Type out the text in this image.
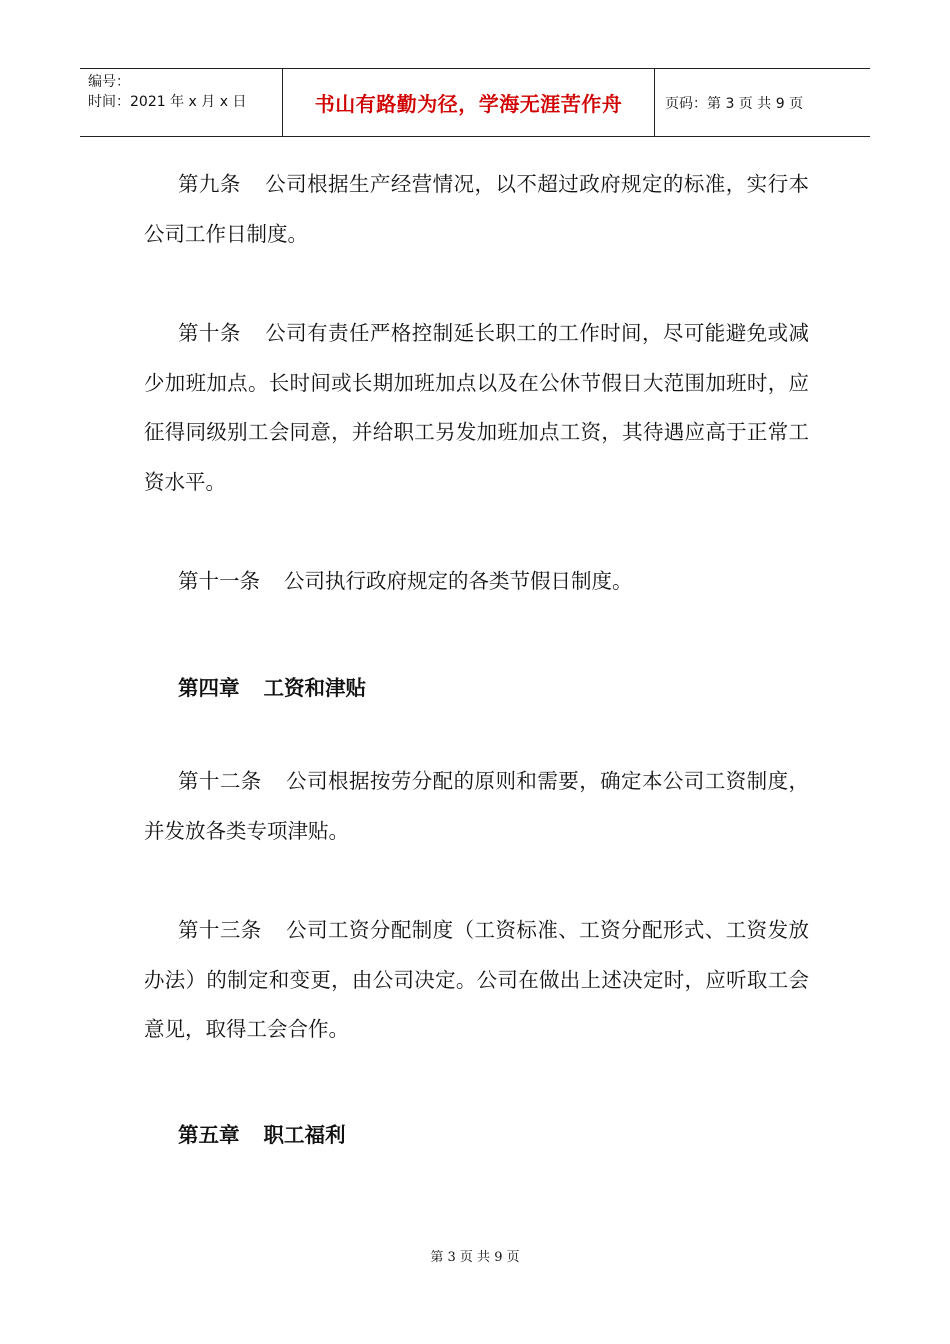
编号：
时间：2021 年 x 月 x 日	书山有路勤为径，学海无涯苦作舟	页码：第 3 页 共 9 页

第九条 公司根据生产经营情况，以不超过政府规定的标准，实行本公司工作日制度。

第十条 公司有责任严格控制延长职工的工作时间，尽可能避免或减少加班加点。长时间或长期加班加点以及在公休节假日大范围加班时，应征得同级别工会同意，并给职工另发加班加点工资，其待遇应高于正常工资水平。

第十一条 公司执行政府规定的各类节假日制度。

第四章 工资和津贴

第十二条 公司根据按劳分配的原则和需要，确定本公司工资制度，并发放各类专项津贴。

第十三条 公司工资分配制度（工资标准、工资分配形式、工资发放办法）的制定和变更，由公司决定。公司在做出上述决定时，应听取工会意见，取得工会合作。

第五章 职工福利
第 3 页 共 9 页
